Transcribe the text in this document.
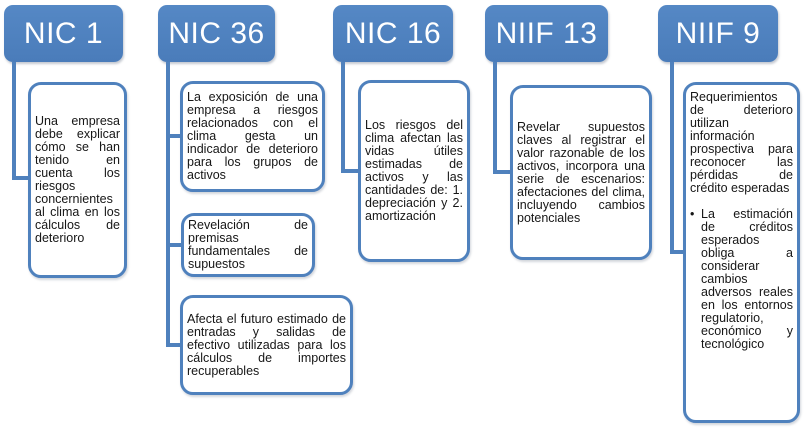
NIC 1

Una empresa debe explicar cómo se han tenido en cuenta los riesgos concernientes al clima en los cálculos de deterioro

NIC 36

La exposición de una empresa a riesgos relacionados con el clima gesta un indicador de deterioro para los grupos de activos

Revelación de premisas fundamentales de supuestos

Afecta el futuro estimado de entradas y salidas de efectivo utilizadas para los cálculos de importes recuperables

NIC 16

Los riesgos del clima afectan las vidas útiles estimadas de activos y las cantidades de: 1. depreciación y 2. amortización

NIIF 13

Revelar supuestos claves al registrar el valor razonable de los activos, incorpora una serie de escenarios: afectaciones del clima, incluyendo cambios potenciales

NIIF 9

Requerimientos de deterioro utilizan información prospectiva para reconocer las pérdidas de crédito esperadas

• La estimación de créditos esperados obliga a considerar cambios adversos reales en los entornos regulatorio, económico y tecnológico
